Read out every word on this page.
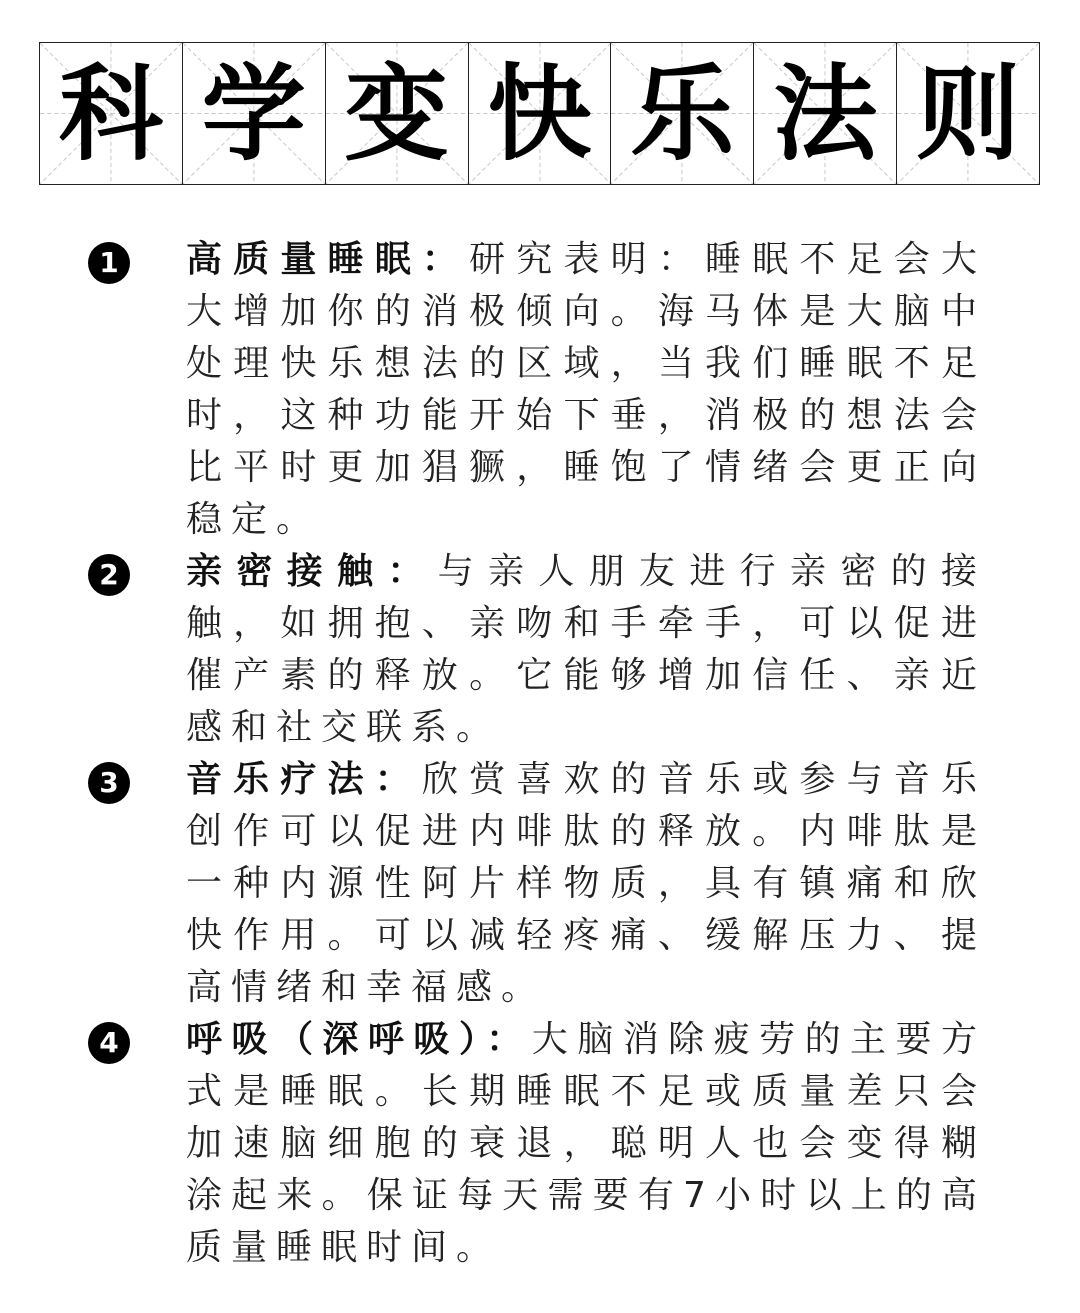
科 学 变 快 乐 法 则
1	高质量睡眠：研究表明：睡眠不足会大大增加你的消极倾向。海马体是大脑中处理快乐想法的区域，当我们睡眠不足时，这种功能开始下垂，消极的想法会比平时更加猖獗，睡饱了情绪会更正向稳定。
2	亲密接触：与亲人朋友进行亲密的接触，如拥抱、亲吻和手牵手，可以促进催产素的释放。它能够增加信任、亲近感和社交联系。
3	音乐疗法：欣赏喜欢的音乐或参与音乐创作可以促进内啡肽的释放。内啡肽是一种内源性阿片样物质，具有镇痛和欣快作用。可以减轻疼痛、缓解压力、提高情绪和幸福感。
4	呼吸（深呼吸）：大脑消除疲劳的主要方式是睡眠。长期睡眠不足或质量差只会加速脑细胞的衰退，聪明人也会变得糊涂起来。保证每天需要有7小时以上的高质量睡眠时间。
